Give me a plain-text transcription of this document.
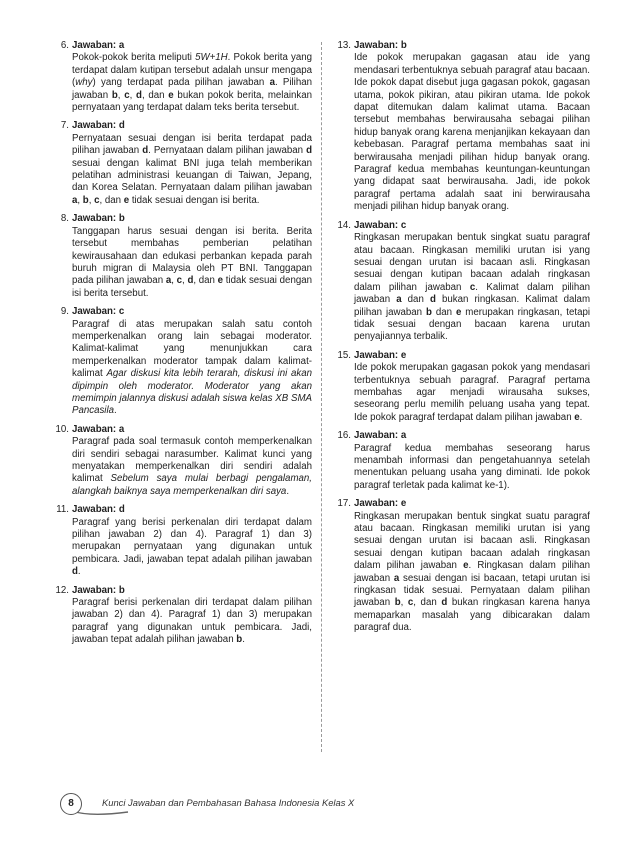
6. Jawaban: a
Pokok-pokok berita meliputi 5W+1H. Pokok berita yang terdapat dalam kutipan tersebut adalah unsur mengapa (why) yang terdapat pada pilihan jawaban a. Pilihan jawaban b, c, d, dan e bukan pokok berita, melainkan pernyataan yang terdapat dalam teks berita tersebut.
7. Jawaban: d
Pernyataan sesuai dengan isi berita terdapat pada pilihan jawaban d. Pernyataan dalam pilihan jawaban d sesuai dengan kalimat BNI juga telah memberikan pelatihan administrasi keuangan di Taiwan, Jepang, dan Korea Selatan. Pernyataan dalam pilihan jawaban a, b, c, dan e tidak sesuai dengan isi berita.
8. Jawaban: b
Tanggapan harus sesuai dengan isi berita. Berita tersebut membahas pemberian pelatihan kewirausahaan dan edukasi perbankan kepada parah buruh migran di Malaysia oleh PT BNI. Tanggapan pada pilihan jawaban a, c, d, dan e tidak sesuai dengan isi berita tersebut.
9. Jawaban: c
Paragraf di atas merupakan salah satu contoh memperkenalkan orang lain sebagai moderator. Kalimat-kalimat yang menunjukkan cara memperkenalkan moderator tampak dalam kalimat-kalimat Agar diskusi kita lebih terarah, diskusi ini akan dipimpin oleh moderator. Moderator yang akan memimpin jalannya diskusi adalah siswa kelas XB SMA Pancasila.
10. Jawaban: a
Paragraf pada soal termasuk contoh memperkenalkan diri sendiri sebagai narasumber. Kalimat kunci yang menyatakan memperkenalkan diri sendiri adalah kalimat Sebelum saya mulai berbagi pengalaman, alangkah baiknya saya memperkenalkan diri saya.
11. Jawaban: d
Paragraf yang berisi perkenalan diri terdapat dalam pilihan jawaban 2) dan 4). Paragraf 1) dan 3) merupakan pernyataan yang digunakan untuk pembicara. Jadi, jawaban tepat adalah pilihan jawaban d.
12. Jawaban: b
Paragraf berisi perkenalan diri terdapat dalam pilihan jawaban 2) dan 4). Paragraf 1) dan 3) merupakan paragraf yang digunakan untuk pembicara. Jadi, jawaban tepat adalah pilihan jawaban b.
13. Jawaban: b
Ide pokok merupakan gagasan atau ide yang mendasari terbentuknya sebuah paragraf atau bacaan. Ide pokok dapat disebut juga gagasan pokok, gagasan utama, pokok pikiran, atau pikiran utama. Ide pokok dapat ditemukan dalam kalimat utama. Bacaan tersebut membahas berwirausaha sebagai pilihan hidup banyak orang karena menjanjikan kekayaan dan kebebasan. Paragraf pertama membahas saat ini berwirausaha menjadi pilihan hidup banyak orang. Paragraf kedua membahas keuntungan-keuntungan yang didapat saat berwirausaha. Jadi, ide pokok paragraf pertama adalah saat ini berwirausaha menjadi pilihan hidup banyak orang.
14. Jawaban: c
Ringkasan merupakan bentuk singkat suatu paragraf atau bacaan. Ringkasan memiliki urutan isi yang sesuai dengan urutan isi bacaan asli. Ringkasan sesuai dengan kutipan bacaan adalah ringkasan dalam pilihan jawaban c. Kalimat dalam pilihan jawaban a dan d bukan ringkasan. Kalimat dalam pilihan jawaban b dan e merupakan ringkasan, tetapi tidak sesuai dengan bacaan karena urutan penyajiannya terbalik.
15. Jawaban: e
Ide pokok merupakan gagasan pokok yang mendasari terbentuknya sebuah paragraf. Paragraf pertama membahas agar menjadi wirausaha sukses, seseorang perlu memilih peluang usaha yang tepat. Ide pokok paragraf terdapat dalam pilihan jawaban e.
16. Jawaban: a
Paragraf kedua membahas seseorang harus menambah informasi dan pengetahuannya setelah menentukan peluang usaha yang diminati. Ide pokok paragraf terletak pada kalimat ke-1).
17. Jawaban: e
Ringkasan merupakan bentuk singkat suatu paragraf atau bacaan. Ringkasan memiliki urutan isi yang sesuai dengan urutan isi bacaan asli. Ringkasan sesuai dengan kutipan bacaan adalah ringkasan dalam pilihan jawaban e. Ringkasan dalam pilihan jawaban a sesuai dengan isi bacaan, tetapi urutan isi ringkasan tidak sesuai. Pernyataan dalam pilihan jawaban b, c, dan d bukan ringkasan karena hanya memaparkan masalah yang dibicarakan dalam paragraf dua.
8	Kunci Jawaban dan Pembahasan Bahasa Indonesia Kelas X
